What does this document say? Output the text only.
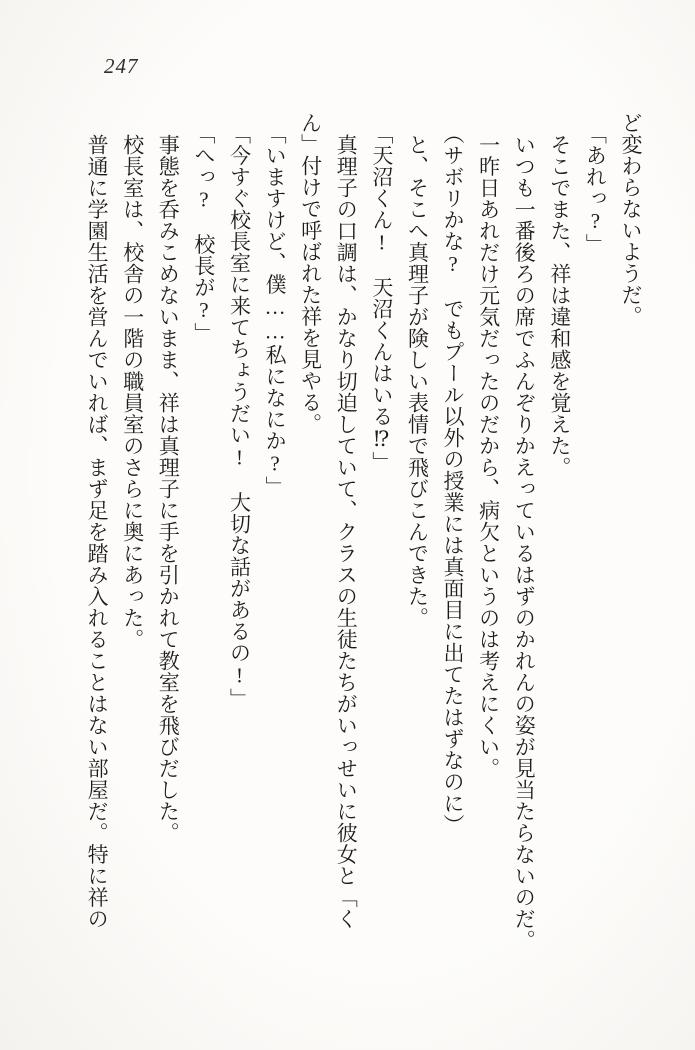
247

ど変わらないようだ。

「あれっ?」

そこでまた、祥は違和感を覚えた。

いつも一番後ろの席でふんぞりかえっているはずのかれんの姿が見当たらないのだ。

一昨日あれだけ元気だったのだから、病欠というのは考えにくい。

（サボリかな?　でもプール以外の授業には真面目に出てたはずなのに）

と、そこへ真理子が険しい表情で飛びこんできた。

「天沼くん!　天沼くんはいる⁉」

真理子の口調は、かなり切迫していて、クラスの生徒たちがいっせいに彼女と「く

ん」付けで呼ばれた祥を見やる。

「いますけど、僕……私になにか?」

「今すぐ校長室に来てちょうだい!　大切な話があるの!」

「へっ?　校長が?」

事態を呑みこめないまま、祥は真理子に手を引かれて教室を飛びだした。

校長室は、校舎の一階の職員室のさらに奥にあった。

普通に学園生活を営んでいれば、まず足を踏み入れることはない部屋だ。特に祥の
